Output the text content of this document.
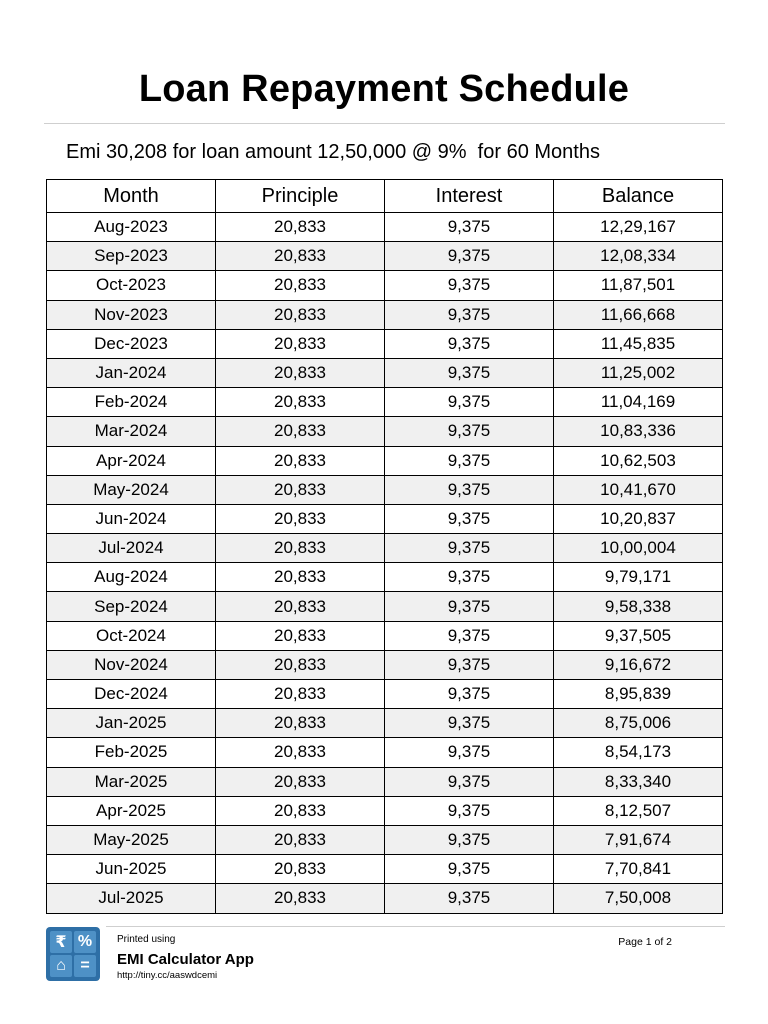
Loan Repayment Schedule
Emi 30,208 for loan amount 12,50,000 @ 9%  for 60 Months
Month	Principle	Interest	Balance
Aug-2023	20,833	9,375	12,29,167
Sep-2023	20,833	9,375	12,08,334
Oct-2023	20,833	9,375	11,87,501
Nov-2023	20,833	9,375	11,66,668
Dec-2023	20,833	9,375	11,45,835
Jan-2024	20,833	9,375	11,25,002
Feb-2024	20,833	9,375	11,04,169
Mar-2024	20,833	9,375	10,83,336
Apr-2024	20,833	9,375	10,62,503
May-2024	20,833	9,375	10,41,670
Jun-2024	20,833	9,375	10,20,837
Jul-2024	20,833	9,375	10,00,004
Aug-2024	20,833	9,375	9,79,171
Sep-2024	20,833	9,375	9,58,338
Oct-2024	20,833	9,375	9,37,505
Nov-2024	20,833	9,375	9,16,672
Dec-2024	20,833	9,375	8,95,839
Jan-2025	20,833	9,375	8,75,006
Feb-2025	20,833	9,375	8,54,173
Mar-2025	20,833	9,375	8,33,340
Apr-2025	20,833	9,375	8,12,507
May-2025	20,833	9,375	7,91,674
Jun-2025	20,833	9,375	7,70,841
Jul-2025	20,833	9,375	7,50,008
₹ %
⌂ =
Printed using
EMI Calculator App
http://tiny.cc/aaswdcemi
Page 1 of 2
